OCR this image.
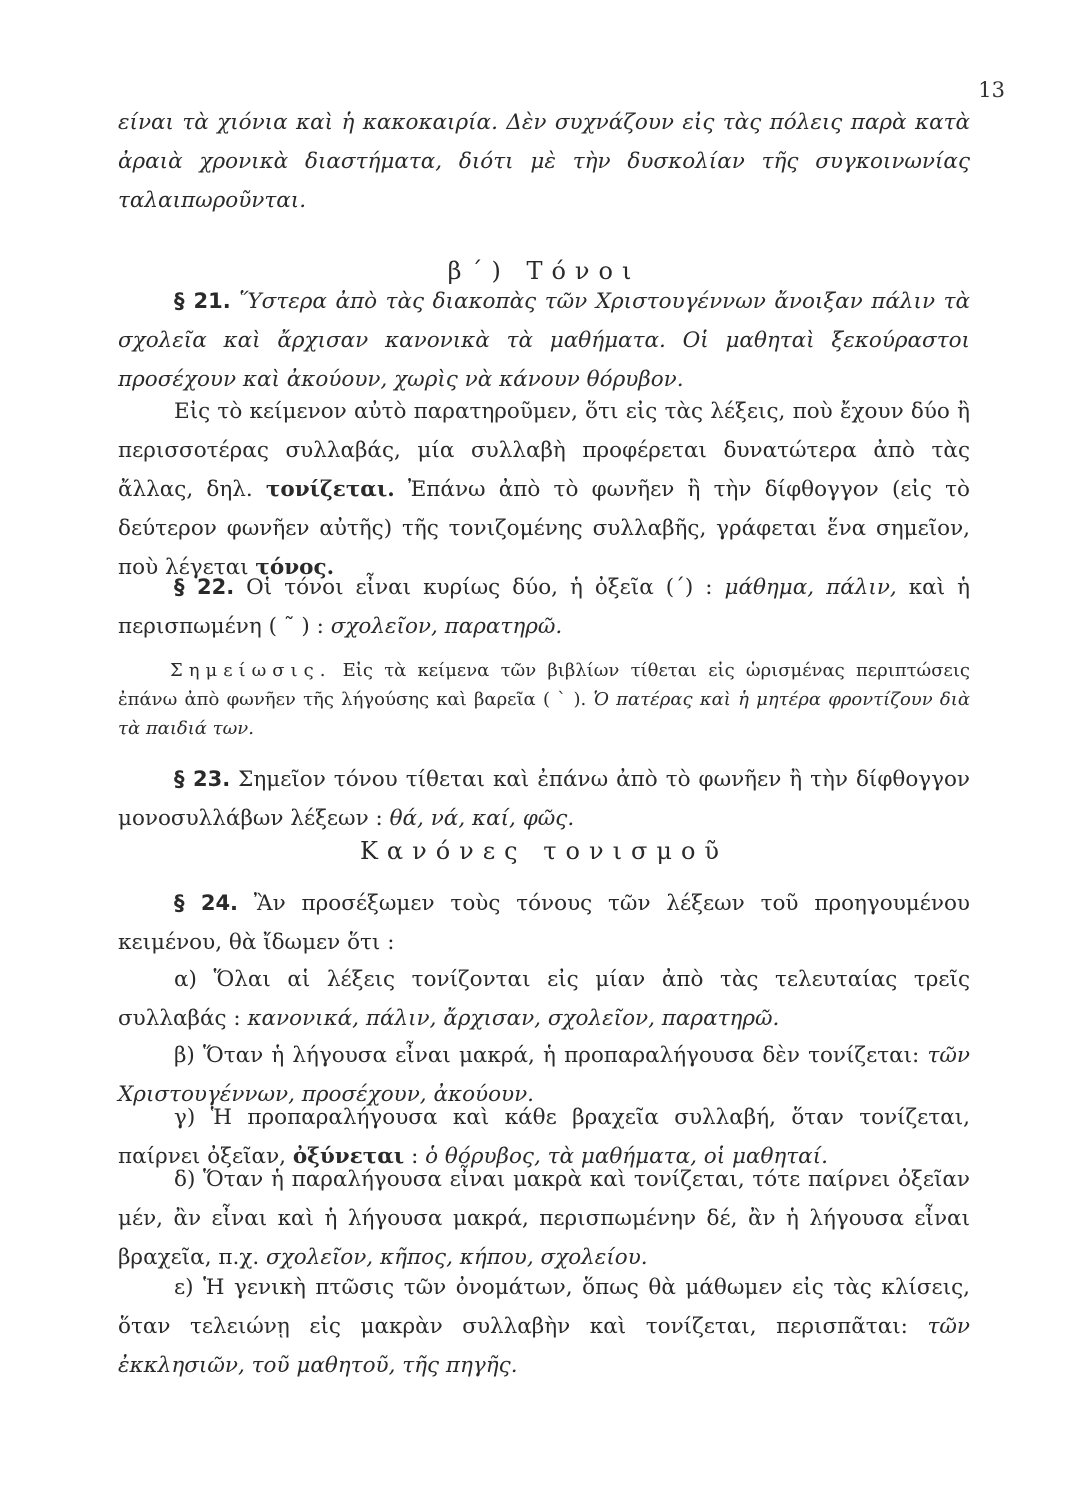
13
είναι τὰ χιόνια καὶ ἡ κακοκαιρία. Δὲν συχνάζουν εἰς τὰς πόλεις παρὰ κατὰ ἀραιὰ χρονικὰ διαστήματα, διότι μὲ τὴν δυσκολίαν τῆς συγκοινωνίας ταλαιπωροῦνται.
β΄) Τόνοι
§ 21. Ὕστερα ἀπὸ τὰς διακοπὰς τῶν Χριστουγέννων ἄνοιξαν πάλιν τὰ σχολεῖα καὶ ἄρχισαν κανονικὰ τὰ μαθήματα. Οἱ μαθηταὶ ξεκούραστοι προσέχουν καὶ ἀκούουν, χωρὶς νὰ κάνουν θόρυβον.
Εἰς τὸ κείμενον αὐτὸ παρατηροῦμεν, ὅτι εἰς τὰς λέξεις, ποὺ ἔχουν δύο ἢ περισσοτέρας συλλαβάς, μία συλλαβὴ προφέρεται δυνατώτερα ἀπὸ τὰς ἄλλας, δηλ. τονίζεται. Ἐπάνω ἀπὸ τὸ φωνῆεν ἢ τὴν δίφθογγον (εἰς τὸ δεύτερον φωνῆεν αὐτῆς) τῆς τονιζομένης συλλαβῆς, γράφεται ἕνα σημεῖον, ποὺ λέγεται τόνος.
§ 22. Οἱ τόνοι εἶναι κυρίως δύο, ἡ ὀξεῖα (΄) : μάθημα, πάλιν, καὶ ἡ περισπωμένη ( ῀ ) : σχολεῖον, παρατηρῶ.
Σημείωσις. Εἰς τὰ κείμενα τῶν βιβλίων τίθεται εἰς ὡρισμένας περιπτώσεις ἐπάνω ἀπὸ φωνῆεν τῆς λήγούσης καὶ βαρεῖα ( ` ). Ὁ πατέρας καὶ ἡ μητέρα φροντίζουν διὰ τὰ παιδιά των.
§ 23. Σημεῖον τόνου τίθεται καὶ ἐπάνω ἀπὸ τὸ φωνῆεν ἢ τὴν δίφθογγον μονοσυλλάβων λέξεων : θά, νά, καί, φῶς.
Κανόνες τονισμοῦ
§ 24. Ἂν προσέξωμεν τοὺς τόνους τῶν λέξεων τοῦ προηγουμένου κειμένου, θὰ ἴδωμεν ὅτι :
α) Ὅλαι αἱ λέξεις τονίζονται εἰς μίαν ἀπὸ τὰς τελευταίας τρεῖς συλλαβάς : κανονικά, πάλιν, ἄρχισαν, σχολεῖον, παρατηρῶ.
β) Ὅταν ἡ λήγουσα εἶναι μακρά, ἡ προπαραλήγουσα δὲν τονίζεται: τῶν Χριστουγέννων, προσέχουν, ἀκούουν.
γ) Ἡ προπαραλήγουσα καὶ κάθε βραχεῖα συλλαβή, ὅταν τονίζεται, παίρνει ὀξεῖαν, ὀξύνεται : ὁ θόρυβος, τὰ μαθήματα, οἱ μαθηταί.
δ) Ὅταν ἡ παραλήγουσα εἶναι μακρὰ καὶ τονίζεται, τότε παίρνει ὀξεῖαν μέν, ἂν εἶναι καὶ ἡ λήγουσα μακρά, περισπωμένην δέ, ἂν ἡ λήγουσα εἶναι βραχεῖα, π.χ. σχολεῖον, κῆπος, κήπου, σχολείου.
ε) Ἡ γενικὴ πτῶσις τῶν ὀνομάτων, ὅπως θὰ μάθωμεν εἰς τὰς κλίσεις, ὅταν τελειώνῃ εἰς μακρὰν συλλαβὴν καὶ τονίζεται, περισπᾶται: τῶν ἐκκλησιῶν, τοῦ μαθητοῦ, τῆς πηγῆς.
